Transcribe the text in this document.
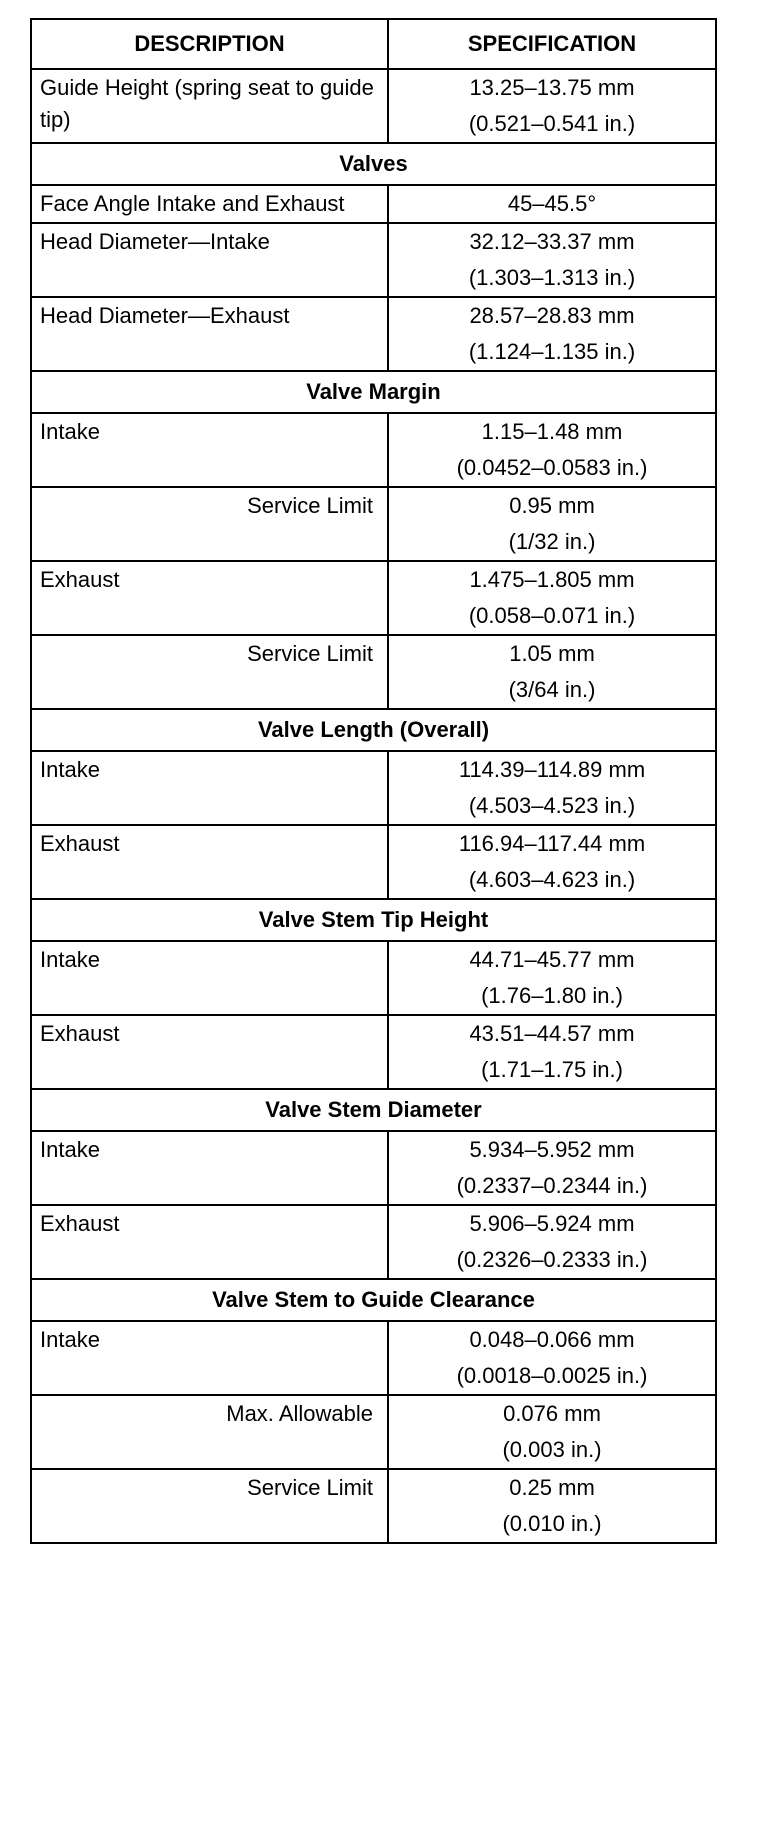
DESCRIPTION	SPECIFICATION
Guide Height (spring seat to guide tip)	13.25–13.75 mm
(0.521–0.541 in.)

Valves	
Face Angle Intake and Exhaust	45–45.5°

Head Diameter—Intake	32.12–33.37 mm
(1.303–1.313 in.)

Head Diameter—Exhaust	28.57–28.83 mm
(1.124–1.135 in.)

Valve Margin	
Intake	1.15–1.48 mm
(0.0452–0.0583 in.)

Service Limit	0.95 mm
(1/32 in.)

Exhaust	1.475–1.805 mm
(0.058–0.071 in.)

Service Limit	1.05 mm
(3/64 in.)

Valve Length (Overall)	
Intake	114.39–114.89 mm
(4.503–4.523 in.)

Exhaust	116.94–117.44 mm
(4.603–4.623 in.)

Valve Stem Tip Height	
Intake	44.71–45.77 mm
(1.76–1.80 in.)

Exhaust	43.51–44.57 mm
(1.71–1.75 in.)

Valve Stem Diameter	
Intake	5.934–5.952 mm
(0.2337–0.2344 in.)

Exhaust	5.906–5.924 mm
(0.2326–0.2333 in.)

Valve Stem to Guide Clearance	
Intake	0.048–0.066 mm
(0.0018–0.0025 in.)

Max. Allowable	0.076 mm
(0.003 in.)

Service Limit	0.25 mm
(0.010 in.)
